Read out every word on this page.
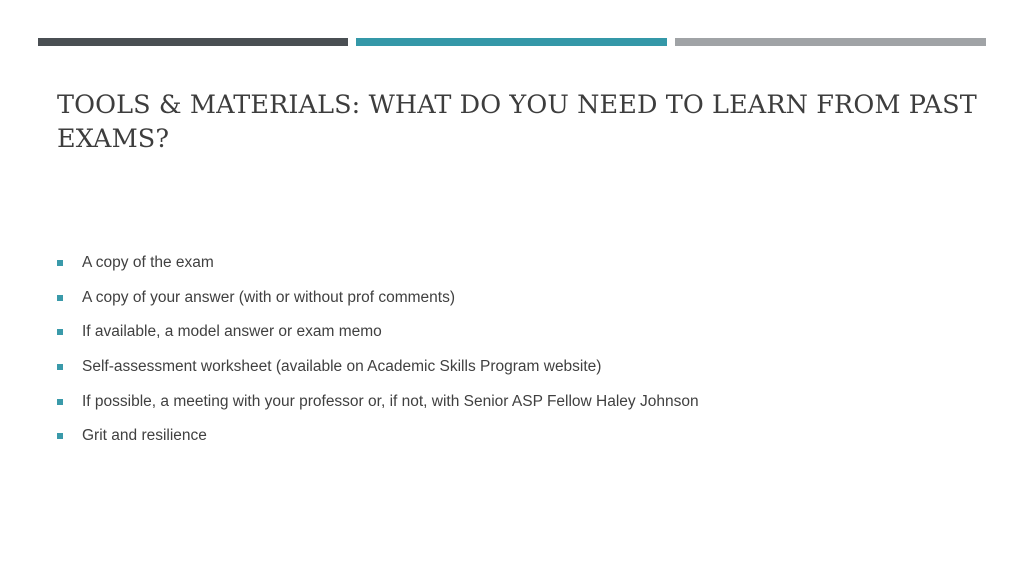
TOOLS & MATERIALS: WHAT DO YOU NEED TO LEARN FROM PAST EXAMS?
A copy of the exam
A copy of your answer (with or without prof comments)
If available, a model answer or exam memo
Self-assessment worksheet (available on Academic Skills Program website)
If possible, a meeting with your professor or, if not, with Senior ASP Fellow Haley Johnson
Grit and resilience
